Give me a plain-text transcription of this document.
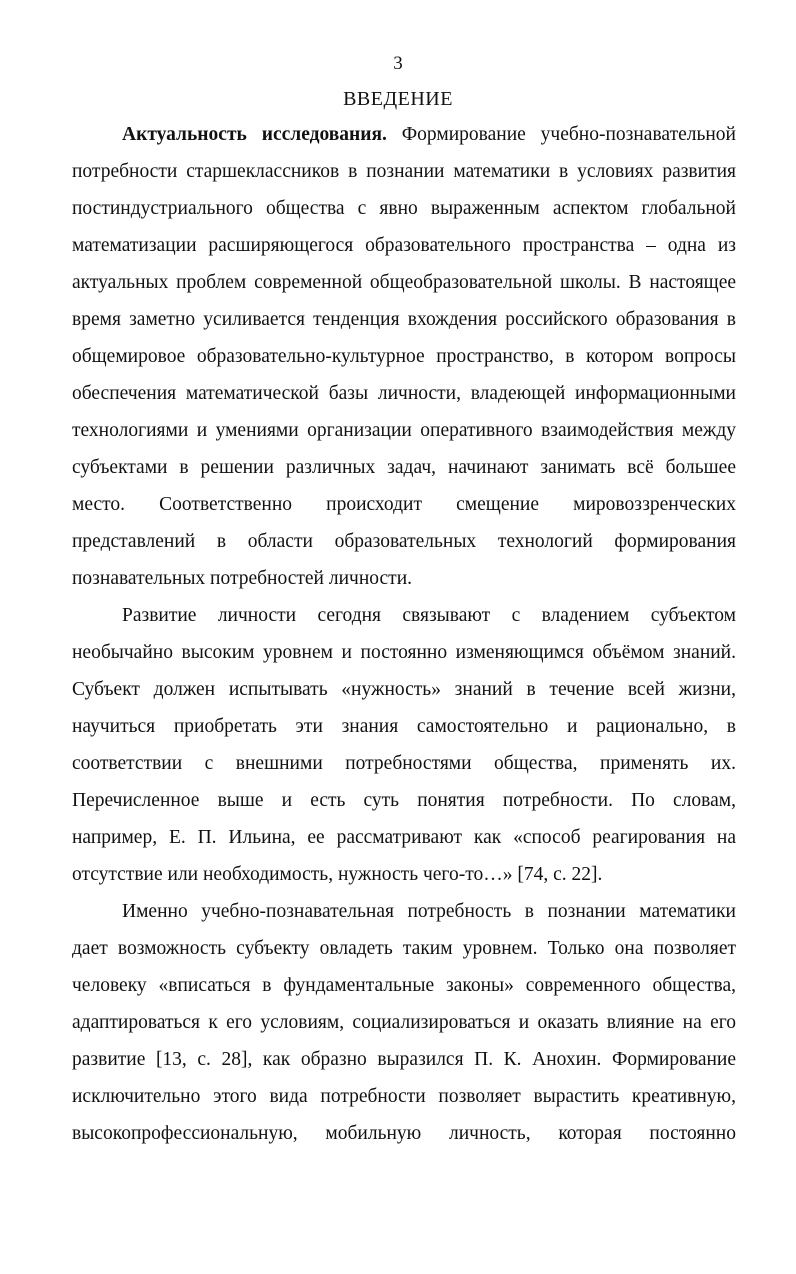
3
ВВЕДЕНИЕ
Актуальность исследования. Формирование учебно-познавательной
потребности старшеклассников в познании математики в условиях развития
постиндустриального общества с явно выраженным аспектом глобальной
математизации расширяющегося образовательного пространства – одна из
актуальных проблем современной общеобразовательной школы. В настоящее
время заметно усиливается тенденция вхождения российского образования в
общемировое образовательно-культурное пространство, в котором вопросы
обеспечения математической базы личности, владеющей информационными
технологиями и умениями организации оперативного взаимодействия между
субъектами в решении различных задач, начинают занимать всё большее
место. Соответственно происходит смещение мировоззренческих
представлений в области образовательных технологий формирования
познавательных потребностей личности.
Развитие личности сегодня связывают с владением субъектом
необычайно высоким уровнем и постоянно изменяющимся объёмом знаний.
Субъект должен испытывать «нужность» знаний в течение всей жизни,
научиться приобретать эти знания самостоятельно и рационально, в
соответствии с внешними потребностями общества, применять их.
Перечисленное выше и есть суть понятия потребности. По словам,
например, Е. П. Ильина, ее рассматривают как «способ реагирования на
отсутствие или необходимость, нужность чего-то…» [74, с. 22].
Именно учебно-познавательная потребность в познании математики
дает возможность субъекту овладеть таким уровнем. Только она позволяет
человеку «вписаться в фундаментальные законы» современного общества,
адаптироваться к его условиям, социализироваться и оказать влияние на его
развитие [13, с. 28], как образно выразился П. К. Анохин. Формирование
исключительно этого вида потребности позволяет вырастить креативную,
высокопрофессиональную, мобильную личность, которая постоянно
